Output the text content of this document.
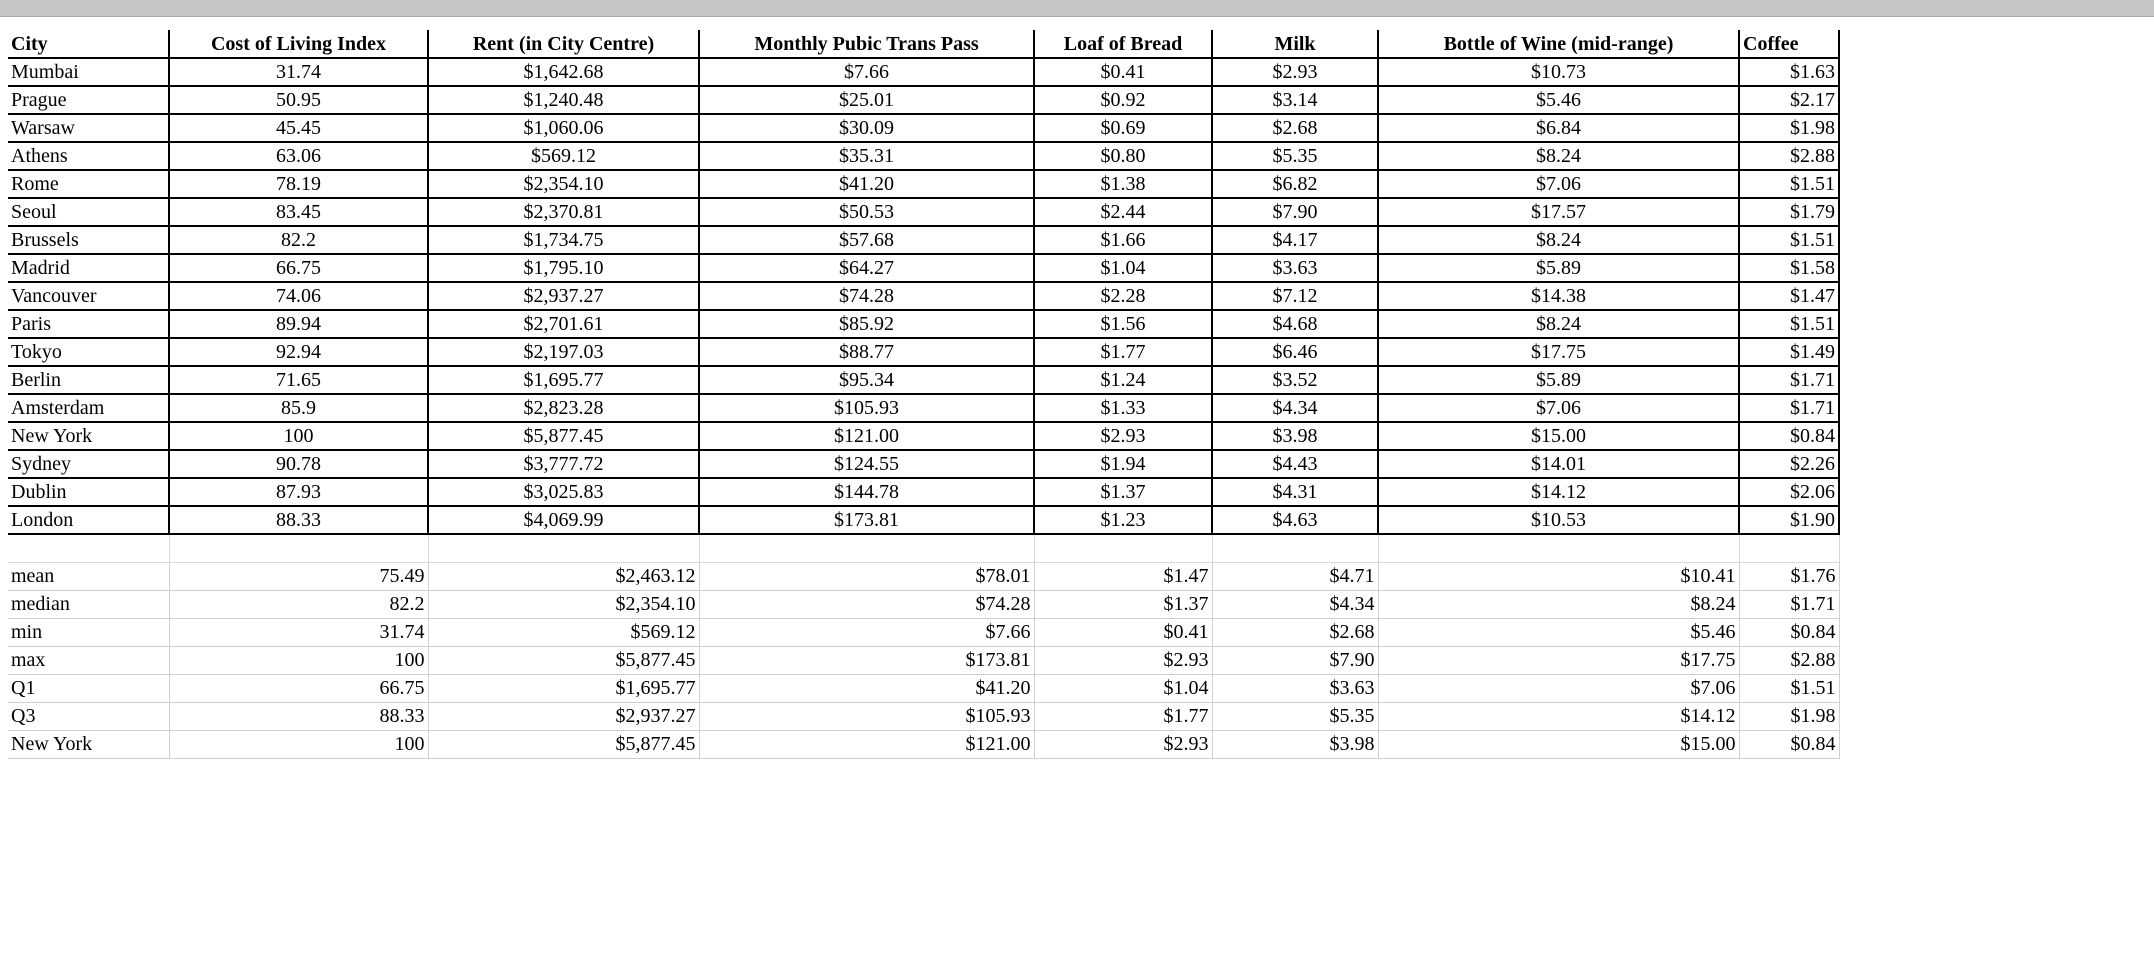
City	Cost of Living Index	Rent (in City Centre)	Monthly Pubic Trans Pass	Loaf of Bread	Milk	Bottle of Wine (mid-range)	Coffee
Mumbai	31.74	$1,642.68	$7.66	$0.41	$2.93	$10.73	$1.63
Prague	50.95	$1,240.48	$25.01	$0.92	$3.14	$5.46	$2.17
Warsaw	45.45	$1,060.06	$30.09	$0.69	$2.68	$6.84	$1.98
Athens	63.06	$569.12	$35.31	$0.80	$5.35	$8.24	$2.88
Rome	78.19	$2,354.10	$41.20	$1.38	$6.82	$7.06	$1.51
Seoul	83.45	$2,370.81	$50.53	$2.44	$7.90	$17.57	$1.79
Brussels	82.2	$1,734.75	$57.68	$1.66	$4.17	$8.24	$1.51
Madrid	66.75	$1,795.10	$64.27	$1.04	$3.63	$5.89	$1.58
Vancouver	74.06	$2,937.27	$74.28	$2.28	$7.12	$14.38	$1.47
Paris	89.94	$2,701.61	$85.92	$1.56	$4.68	$8.24	$1.51
Tokyo	92.94	$2,197.03	$88.77	$1.77	$6.46	$17.75	$1.49
Berlin	71.65	$1,695.77	$95.34	$1.24	$3.52	$5.89	$1.71
Amsterdam	85.9	$2,823.28	$105.93	$1.33	$4.34	$7.06	$1.71
New York	100	$5,877.45	$121.00	$2.93	$3.98	$15.00	$0.84
Sydney	90.78	$3,777.72	$124.55	$1.94	$4.43	$14.01	$2.26
Dublin	87.93	$3,025.83	$144.78	$1.37	$4.31	$14.12	$2.06
London	88.33	$4,069.99	$173.81	$1.23	$4.63	$10.53	$1.90

mean	75.49	$2,463.12	$78.01	$1.47	$4.71	$10.41	$1.76
median	82.2	$2,354.10	$74.28	$1.37	$4.34	$8.24	$1.71
min	31.74	$569.12	$7.66	$0.41	$2.68	$5.46	$0.84
max	100	$5,877.45	$173.81	$2.93	$7.90	$17.75	$2.88
Q1	66.75	$1,695.77	$41.20	$1.04	$3.63	$7.06	$1.51
Q3	88.33	$2,937.27	$105.93	$1.77	$5.35	$14.12	$1.98
New York	100	$5,877.45	$121.00	$2.93	$3.98	$15.00	$0.84
